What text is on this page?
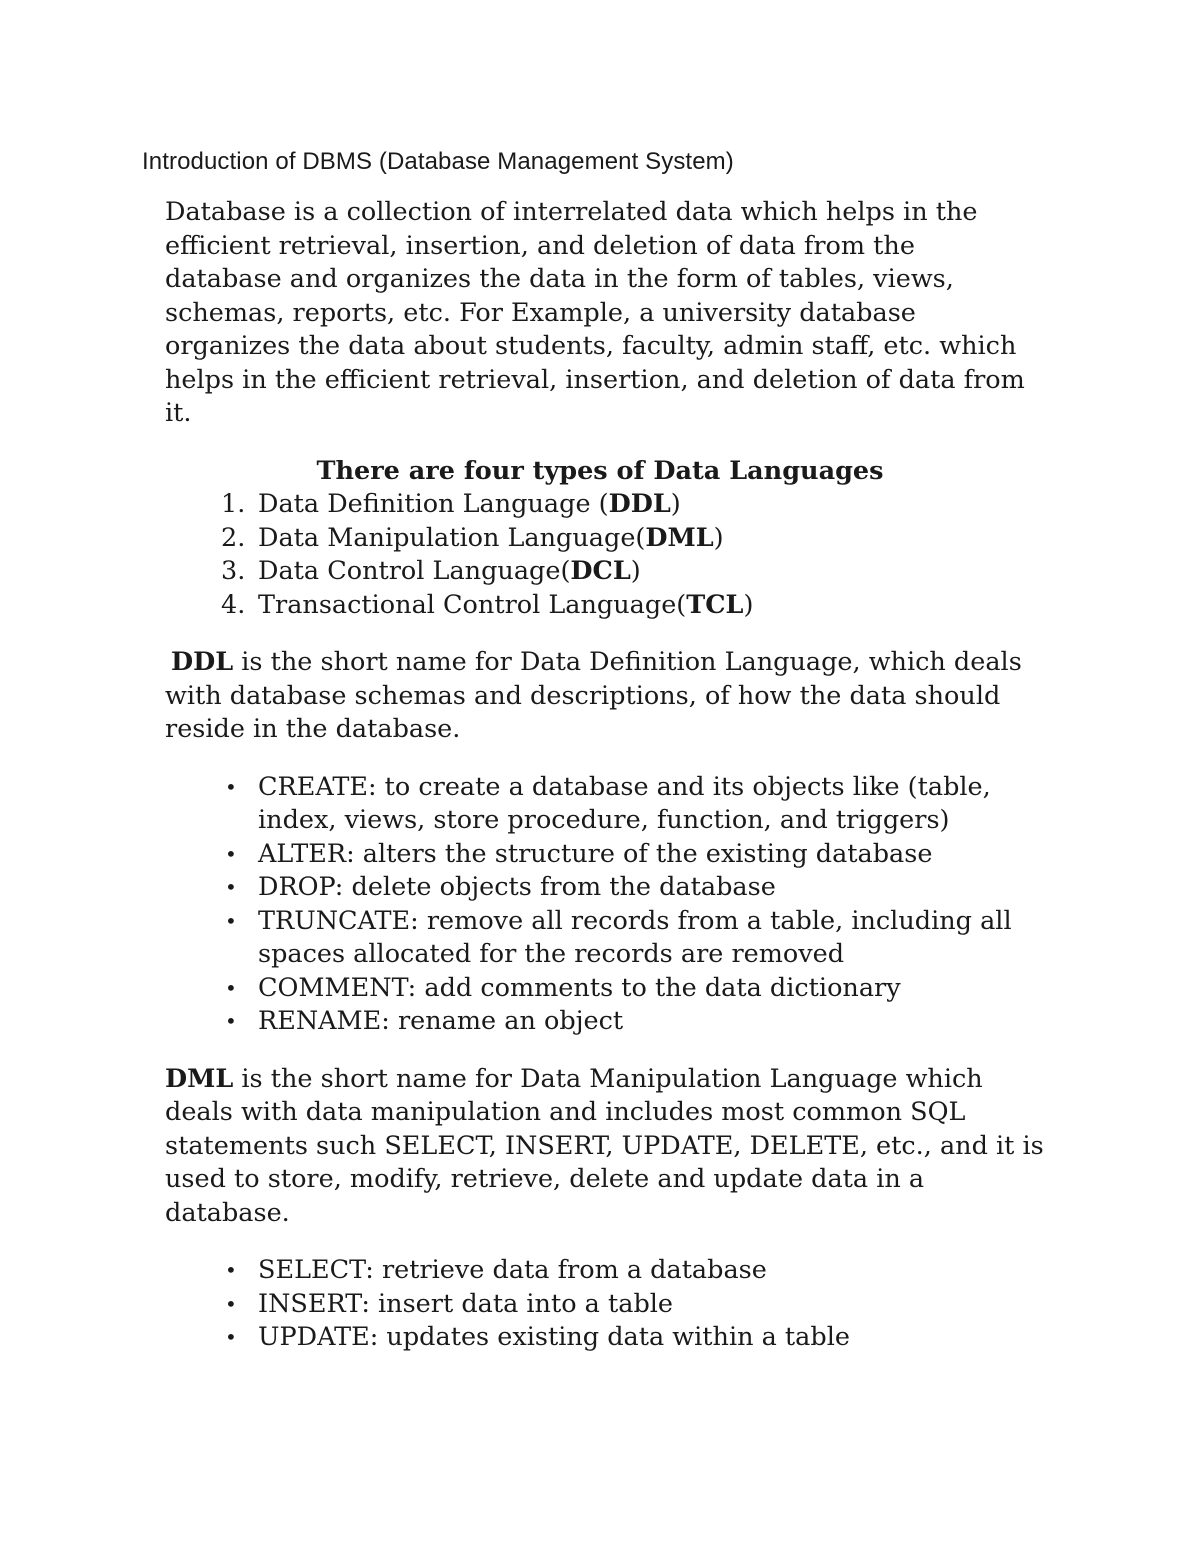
Introduction of DBMS (Database Management System)

Database is a collection of interrelated data which helps in the efficient retrieval, insertion, and deletion of data from the database and organizes the data in the form of tables, views, schemas, reports, etc. For Example, a university database organizes the data about students, faculty, admin staff, etc. which helps in the efficient retrieval, insertion, and deletion of data from it.

There are four types of Data Languages

1. Data Definition Language (DDL)
2. Data Manipulation Language(DML)
3. Data Control Language(DCL)
4. Transactional Control Language(TCL)

DDL is the short name for Data Definition Language, which deals with database schemas and descriptions, of how the data should reside in the database.

• CREATE: to create a database and its objects like (table, index, views, store procedure, function, and triggers)
• ALTER: alters the structure of the existing database
• DROP: delete objects from the database
• TRUNCATE: remove all records from a table, including all spaces allocated for the records are removed
• COMMENT: add comments to the data dictionary
• RENAME: rename an object

DML is the short name for Data Manipulation Language which deals with data manipulation and includes most common SQL statements such SELECT, INSERT, UPDATE, DELETE, etc., and it is used to store, modify, retrieve, delete and update data in a database.

• SELECT: retrieve data from a database
• INSERT: insert data into a table
• UPDATE: updates existing data within a table
